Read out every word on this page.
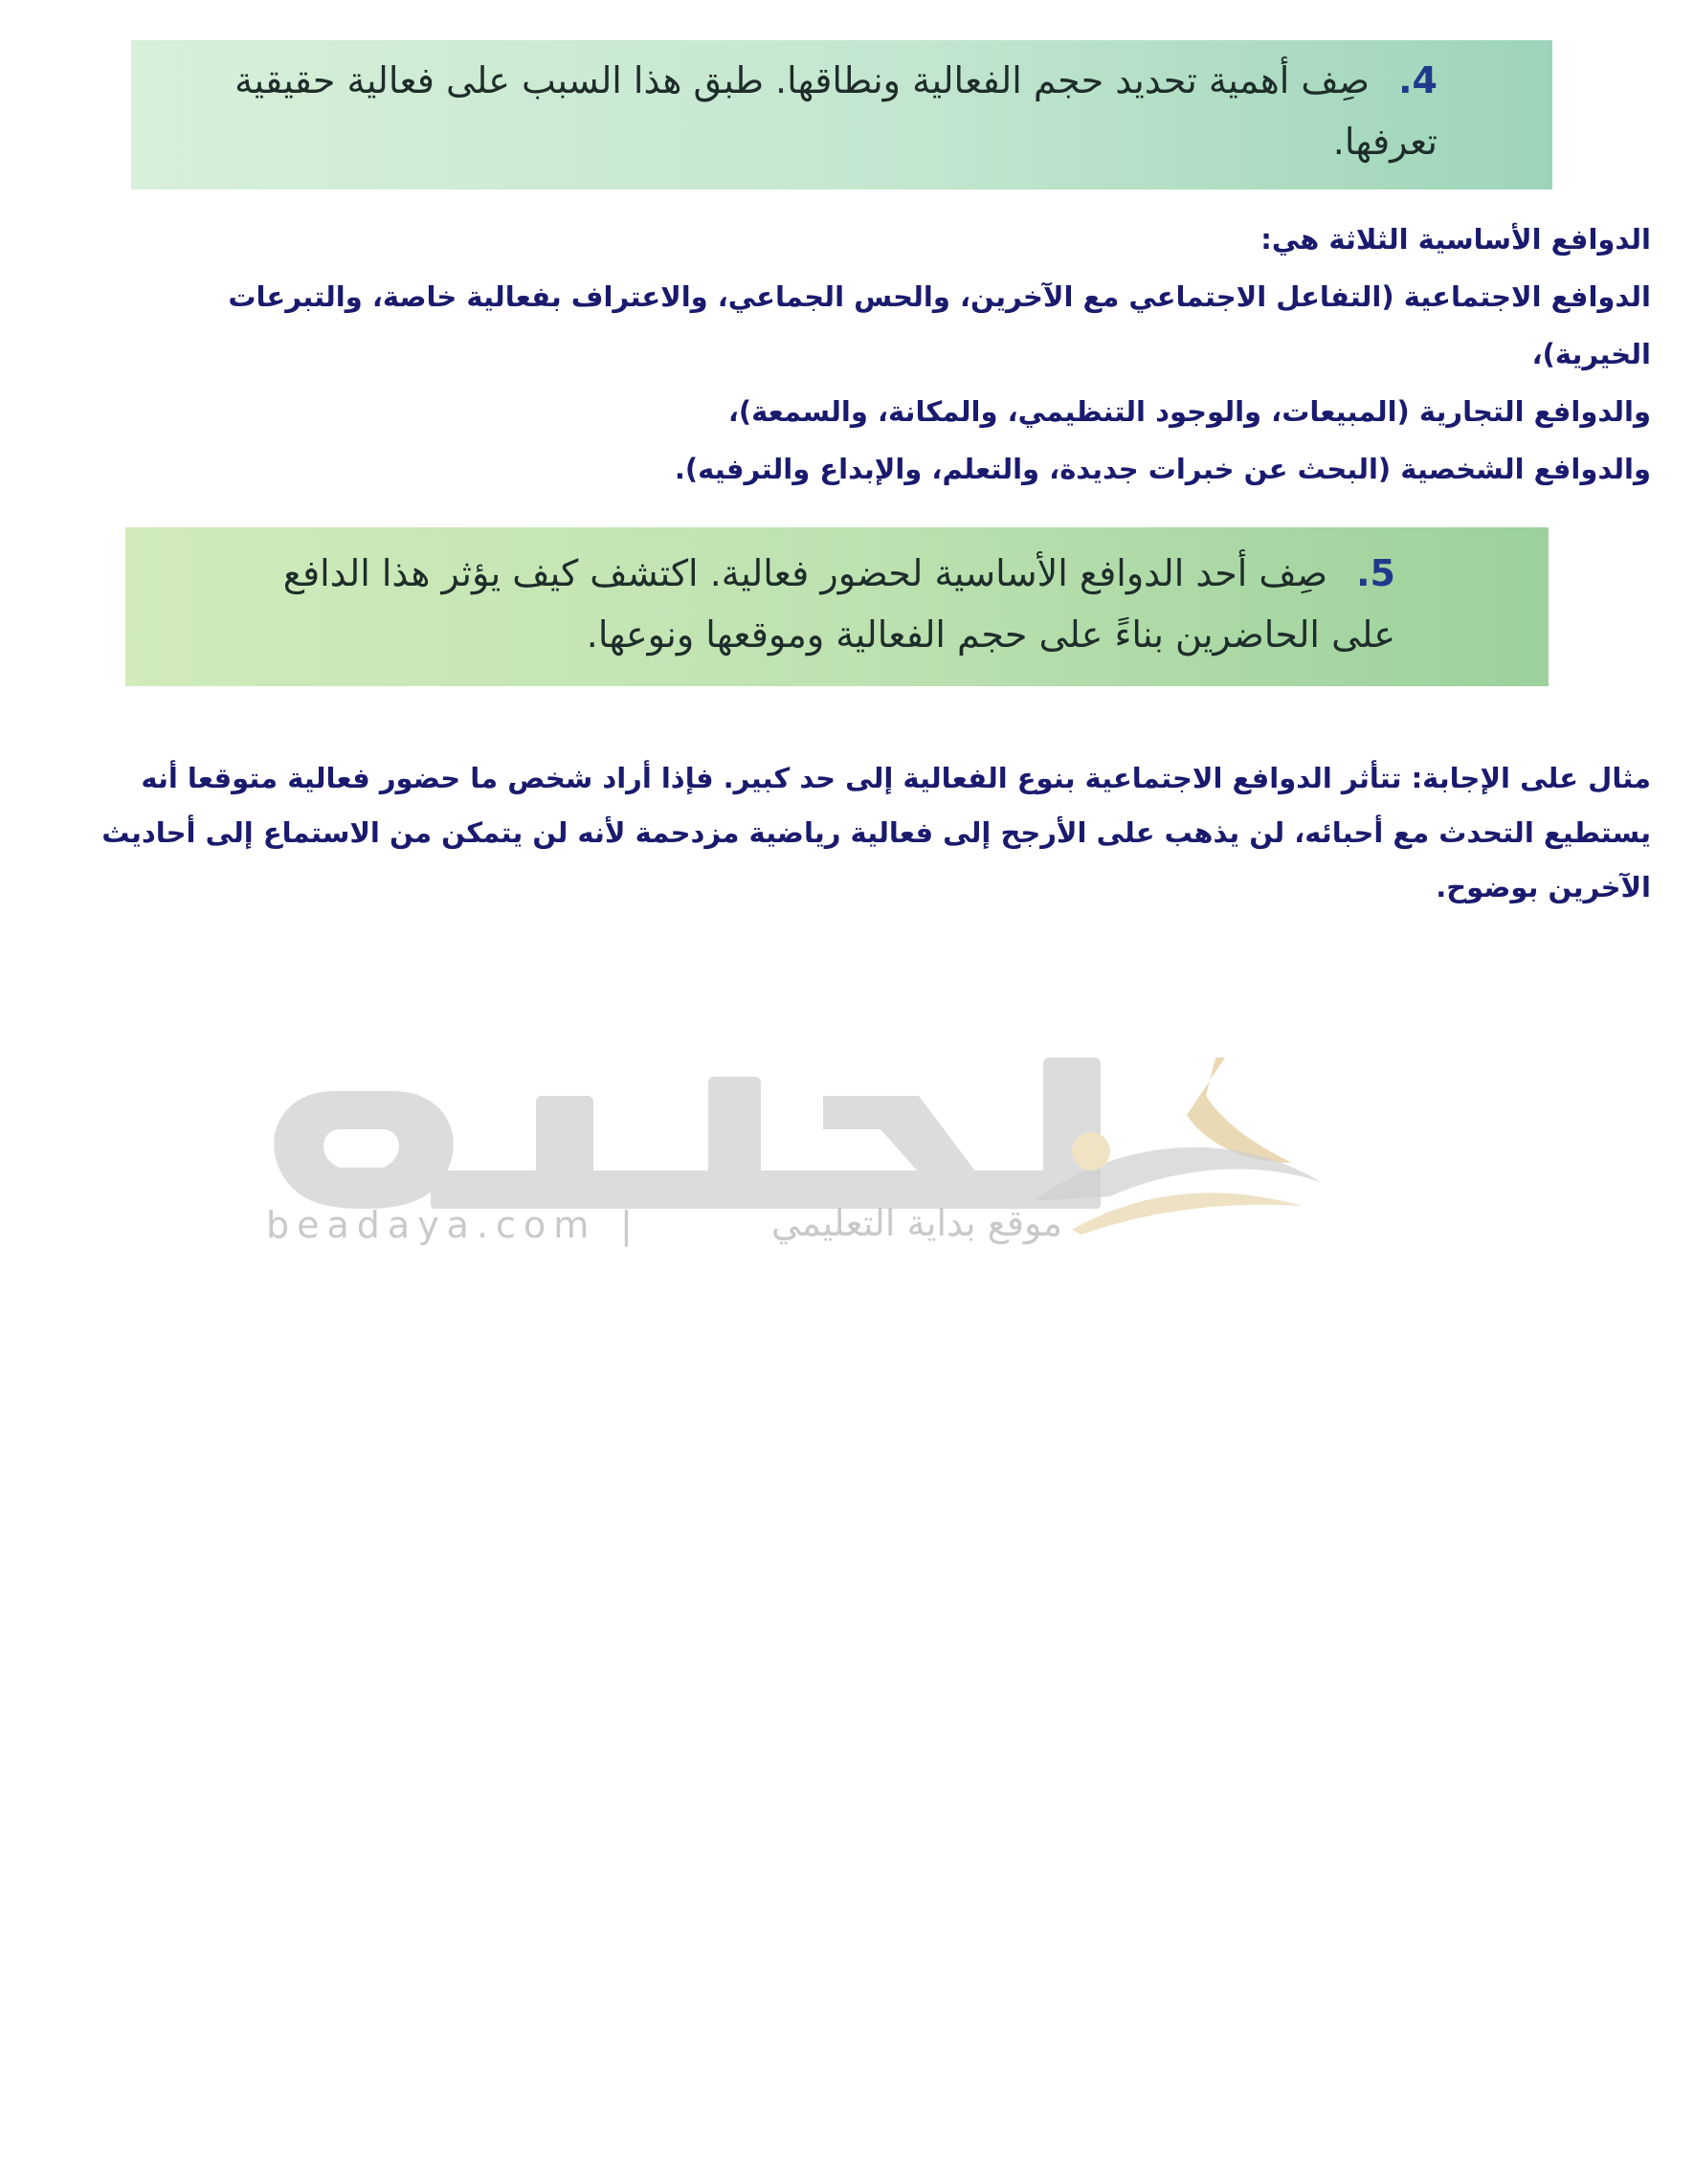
4. صِف أهمية تحديد حجم الفعالية ونطاقها. طبق هذا السبب على فعالية حقيقية تعرفها.
الدوافع الأساسية الثلاثة هي:
الدوافع الاجتماعية (التفاعل الاجتماعي مع الآخرين، والحس الجماعي، والاعتراف بفعالية خاصة، والتبرعات الخيرية)،
والدوافع التجارية (المبيعات، والوجود التنظيمي، والمكانة، والسمعة)،
والدوافع الشخصية (البحث عن خبرات جديدة، والتعلم، والإبداع والترفيه).
5. صِف أحد الدوافع الأساسية لحضور فعالية. اكتشف كيف يؤثر هذا الدافع على الحاضرين بناءً على حجم الفعالية وموقعها ونوعها.

مثال على الإجابة: تتأثر الدوافع الاجتماعية بنوع الفعالية إلى حد كبير. فإذا أراد شخص ما حضور فعالية متوقعا أنه يستطيع التحدث مع أحبائه، لن يذهب على الأرجح إلى فعالية رياضية مزدحمة لأنه لن يتمكن من الاستماع إلى أحاديث الآخرين بوضوح.

beadaya.com |	موقع بداية التعليمي
